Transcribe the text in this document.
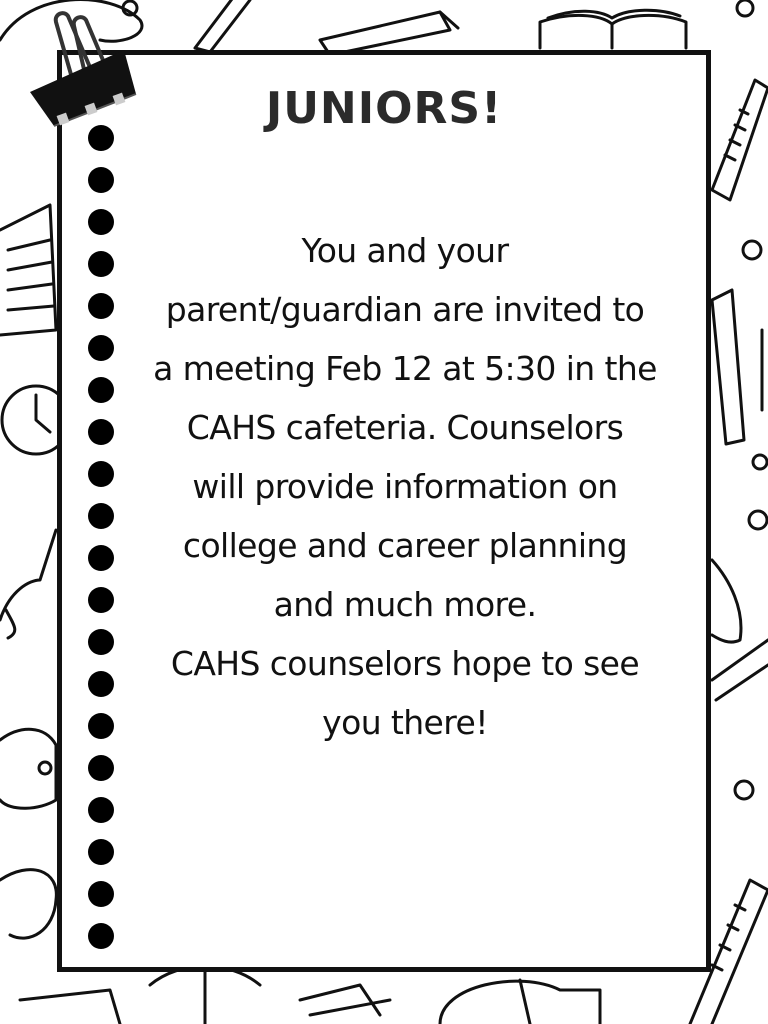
JUNIORS!
You and your
parent/guardian are invited to
a meeting Feb 12 at 5:30 in the
CAHS cafeteria. Counselors
will provide information on
college and career planning
and much more.
CAHS counselors hope to see
you there!
